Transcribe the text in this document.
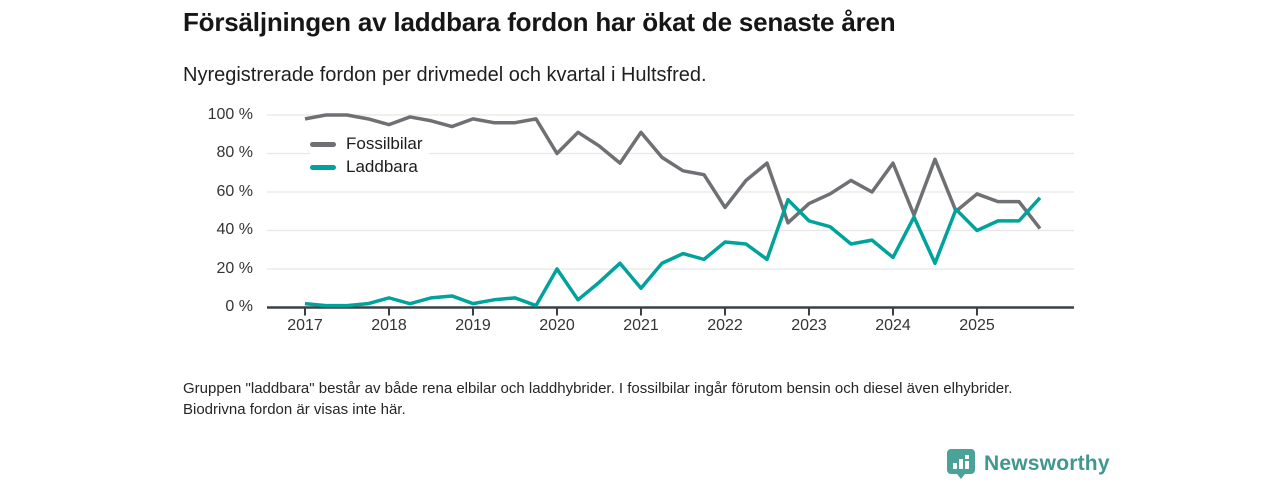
Försäljningen av laddbara fordon har ökat de senaste åren

Nyregistrerade fordon per drivmedel och kvartal i Hultsfred.

100 %
80 %
60 %
40 %
20 %
0 %
2017	2018	2019	2020	2021	2022	2023	2024	2025
Fossilbilar
Laddbara

Gruppen "laddbara" består av både rena elbilar och laddhybrider. I fossilbilar ingår förutom bensin och diesel även elhybrider. Biodrivna fordon är visas inte här.

Newsworthy
